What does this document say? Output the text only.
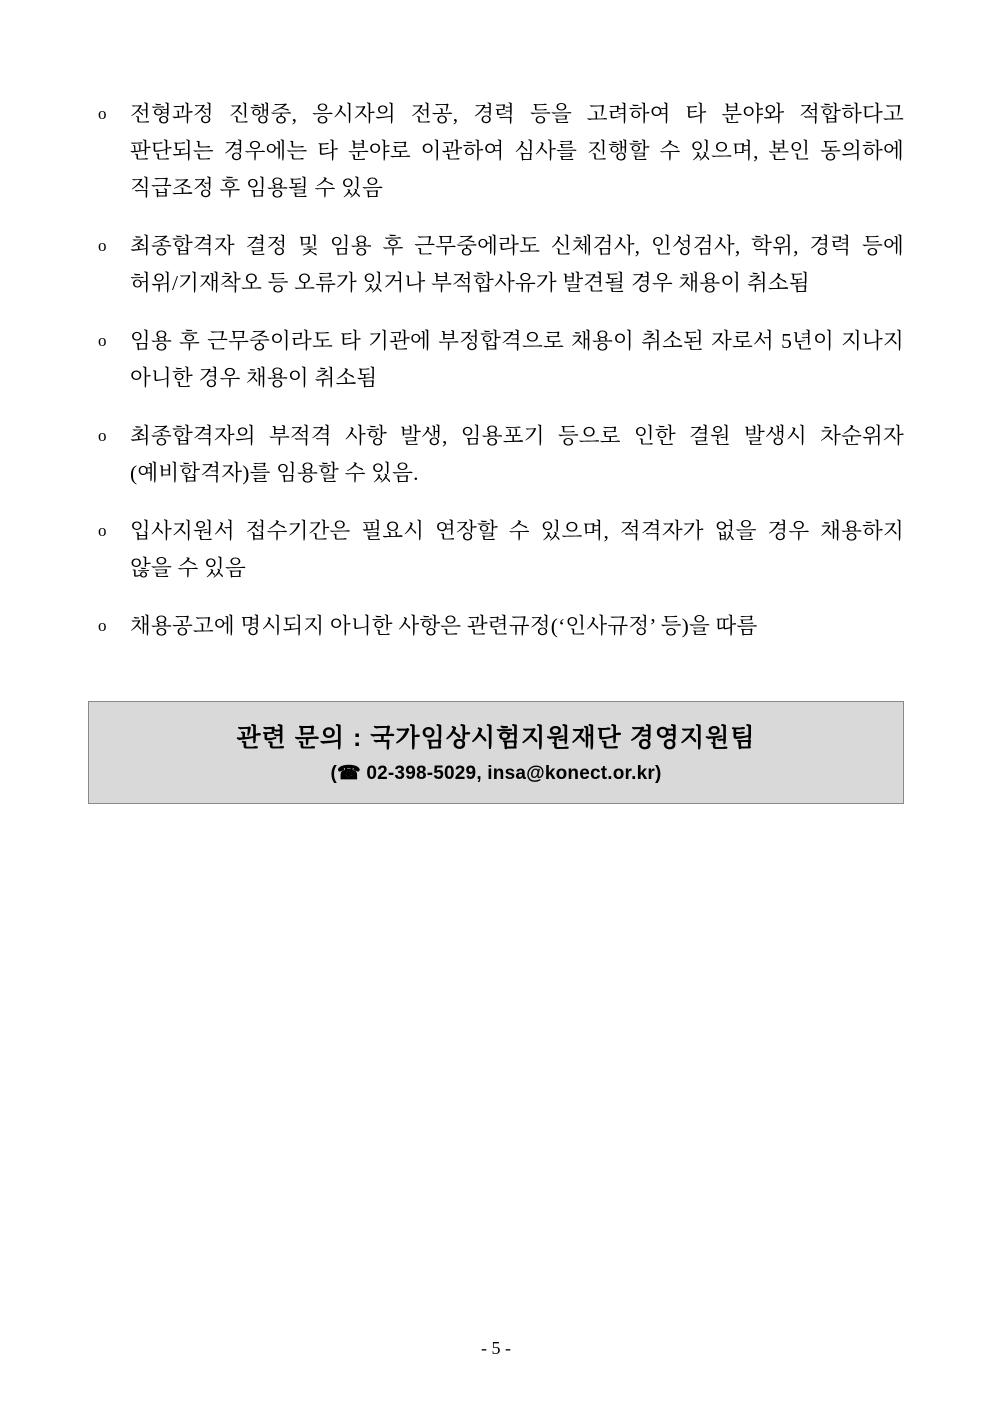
o 전형과정 진행중, 응시자의 전공, 경력 등을 고려하여 타 분야와 적합하다고 판단되는 경우에는 타 분야로 이관하여 심사를 진행할 수 있으며, 본인 동의하에 직급조정 후 임용될 수 있음
o 최종합격자 결정 및 임용 후 근무중에라도 신체검사, 인성검사, 학위, 경력 등에 허위/기재착오 등 오류가 있거나 부적합사유가 발견될 경우 채용이 취소됨
o 임용 후 근무중이라도 타 기관에 부정합격으로 채용이 취소된 자로서 5년이 지나지 아니한 경우 채용이 취소됨
o 최종합격자의 부적격 사항 발생, 임용포기 등으로 인한 결원 발생시 차순위자(예비합격자)를 임용할 수 있음.
o 입사지원서 접수기간은 필요시 연장할 수 있으며, 적격자가 없을 경우 채용하지 않을 수 있음
o 채용공고에 명시되지 아니한 사항은 관련규정(‘인사규정’ 등)을 따름

관련 문의 : 국가임상시험지원재단 경영지원팀

(☎ 02-398-5029, insa@konect.or.kr)

- 5 -
